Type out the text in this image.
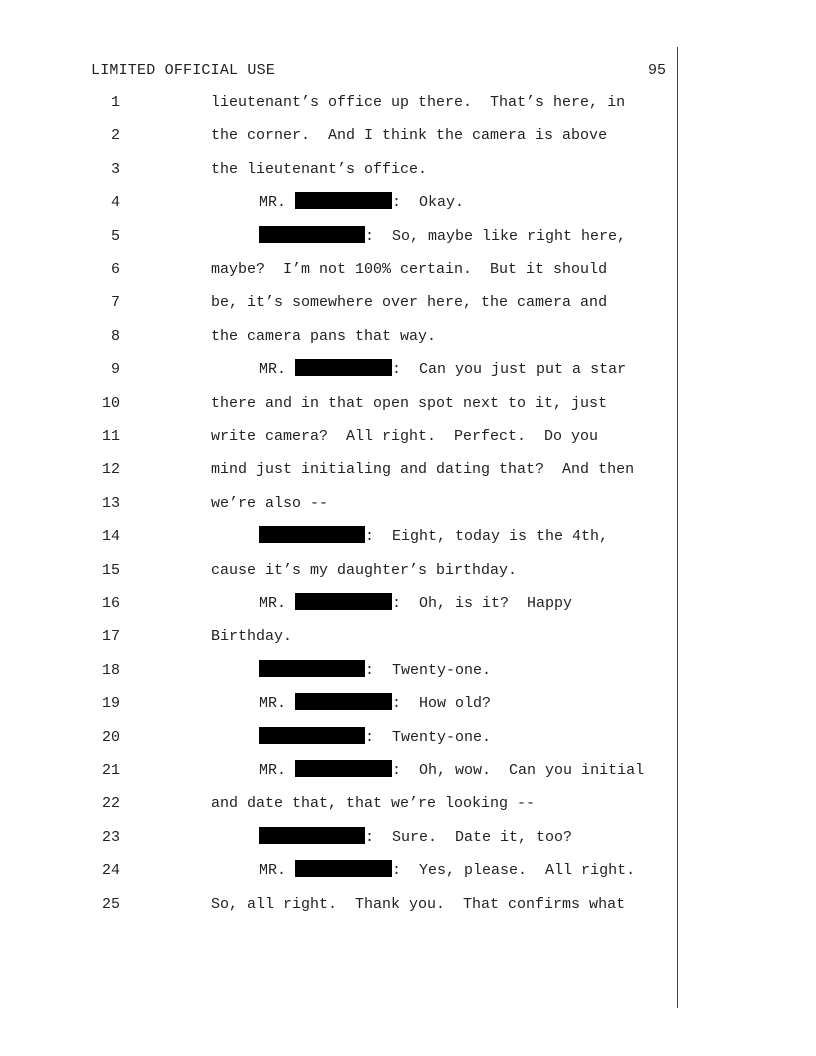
LIMITED OFFICIAL USE	95
1	lieutenant’s office up there.  That’s here, in
2	the corner.  And I think the camera is above
3	the lieutenant’s office.
4	MR.	:  Okay.
5	:  So, maybe like right here,
6	maybe?  I’m not 100% certain.  But it should
7	be, it’s somewhere over here, the camera and
8	the camera pans that way.
9	MR.	:  Can you just put a star
10	there and in that open spot next to it, just
11	write camera?  All right.  Perfect.  Do you
12	mind just initialing and dating that?  And then
13	we’re also --
14	:  Eight, today is the 4th,
15	cause it’s my daughter’s birthday.
16	MR.	:  Oh, is it?  Happy
17	Birthday.
18	:  Twenty-one.
19	MR.	:  How old?
20	:  Twenty-one.
21	MR.	:  Oh, wow.  Can you initial
22	and date that, that we’re looking --
23	:  Sure.  Date it, too?
24	MR.	:  Yes, please.  All right.
25	So, all right.  Thank you.  That confirms what
